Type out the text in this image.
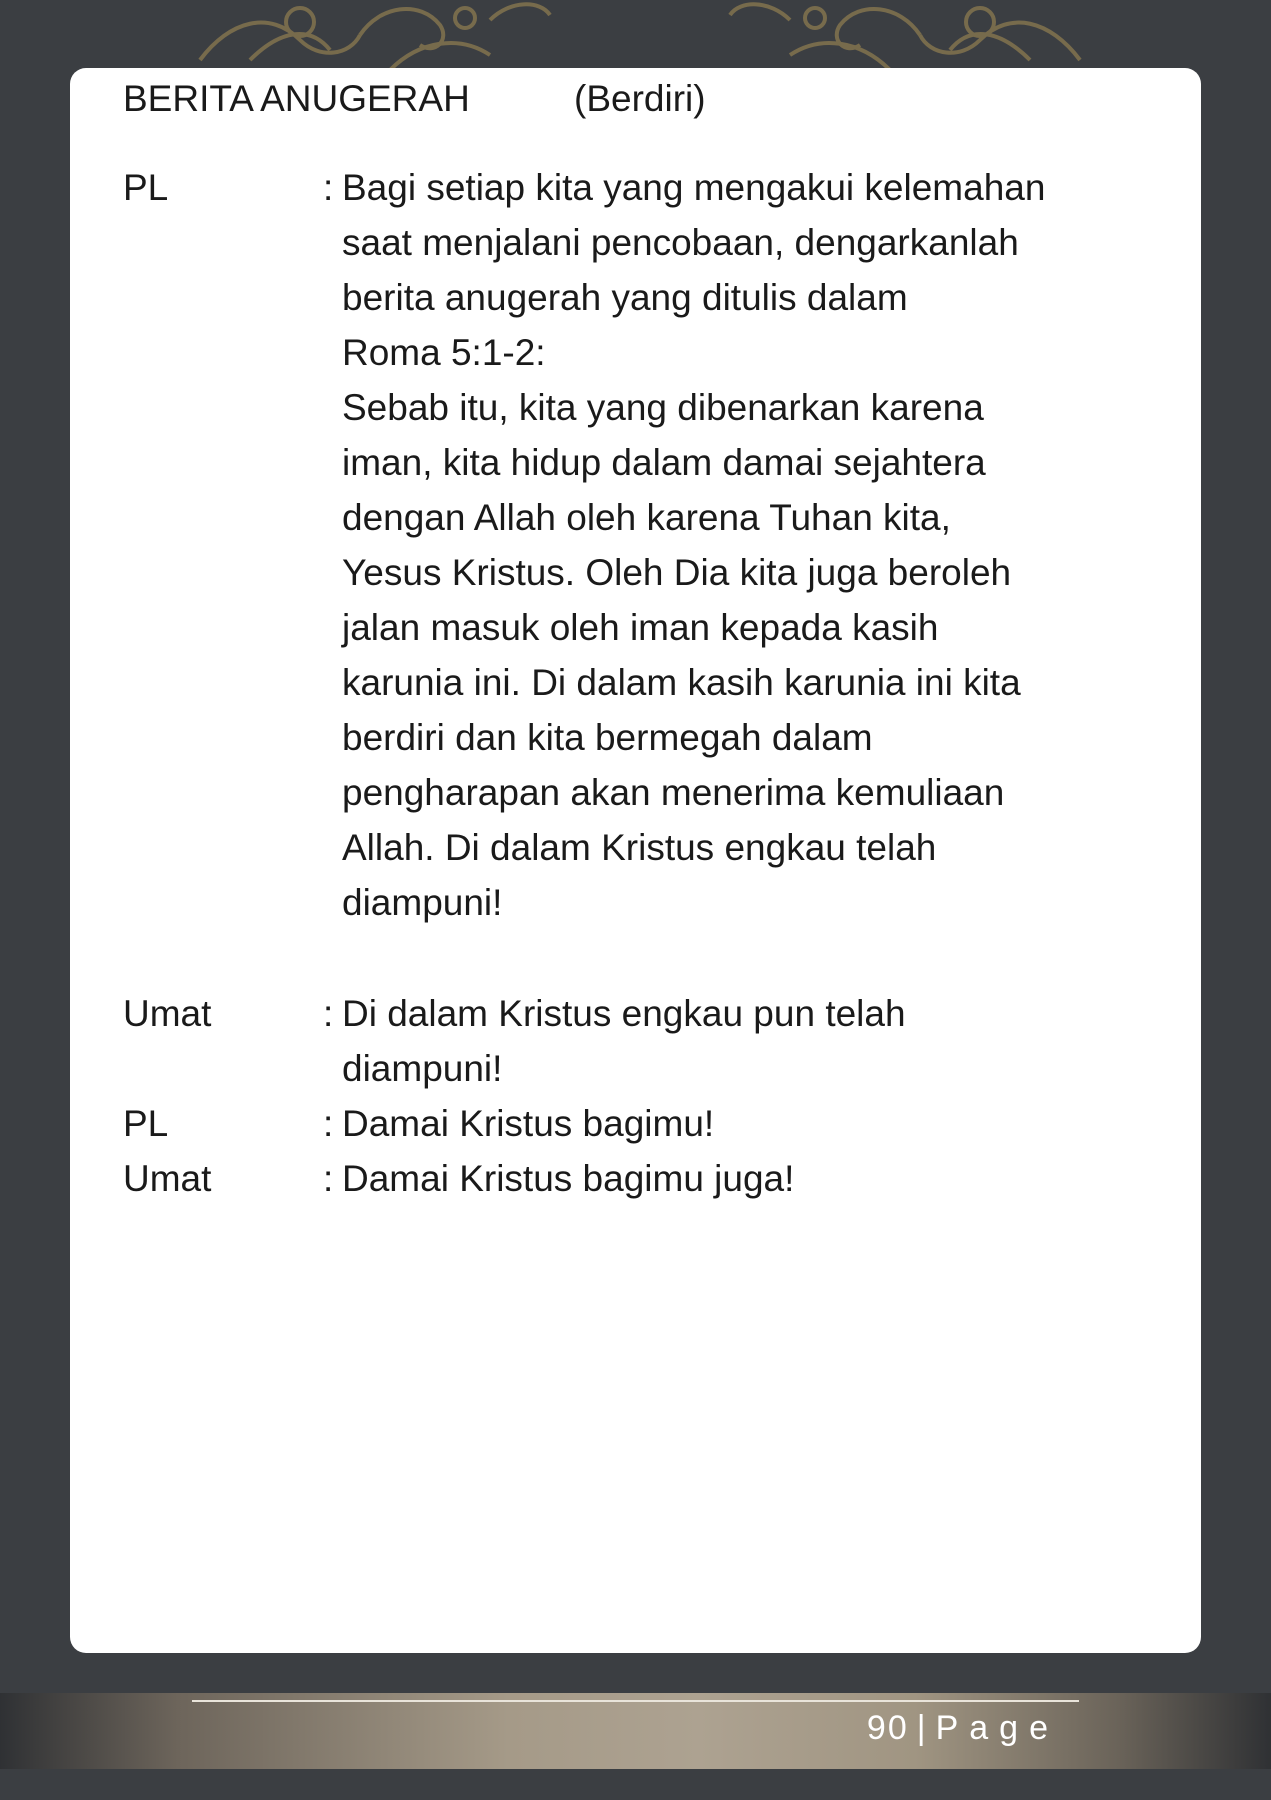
BERITA ANUGERAH	(Berdiri)
PL	: Bagi setiap kita yang mengakui kelemahan
saat menjalani pencobaan, dengarkanlah
berita anugerah yang ditulis dalam
Roma 5:1-2:
Sebab itu, kita yang dibenarkan karena
iman, kita hidup dalam damai sejahtera
dengan Allah oleh karena Tuhan kita,
Yesus Kristus. Oleh Dia kita juga beroleh
jalan masuk oleh iman kepada kasih
karunia ini. Di dalam kasih karunia ini kita
berdiri dan kita bermegah dalam
pengharapan akan menerima kemuliaan
Allah. Di dalam Kristus engkau telah
diampuni!
Umat	: Di dalam Kristus engkau pun telah
diampuni!
PL	: Damai Kristus bagimu!
Umat	: Damai Kristus bagimu juga!
90 | Page
